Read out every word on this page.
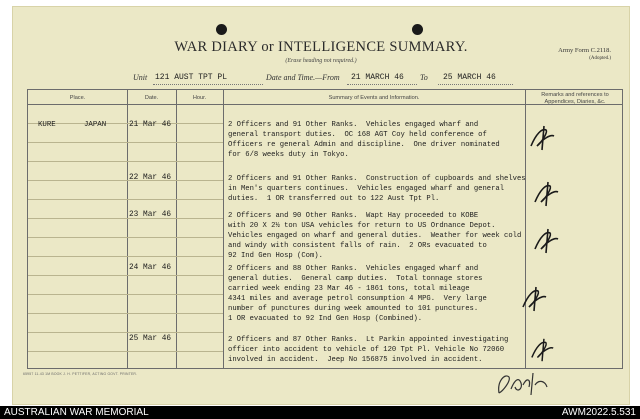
WAR DIARY or INTELLIGENCE SUMMARY.
(Erase heading not required.)
Army Form C.2118.
(Adopted.)
Unit 121 AUST TPT PL	Date and Time.—From 21 MARCH 46 To 25 MARCH 46
Place.	Date.	Hour.	Summary of Events and Information.	Remarks and references to Appendices, Diaries, &c.
KURE	JAPAN	21 Mar 46	2 Officers and 91 Other Ranks.  Vehicles engaged wharf and
general transport duties.  OC 168 AGT Coy held conference of
Officers re general Admin and discipline.  One driver nominated
for 6/8 weeks duty in Tokyo.
22 Mar 46	2 Officers and 91 Other Ranks.  Construction of cupboards and shelves
in Men's quarters continues.  Vehicles engaged wharf and general
duties.  1 OR transferred out to 122 Aust Tpt Pl.
23 Mar 46	2 Officers and 90 Other Ranks.  Wapt Hay proceeded to KOBE
with 20 X 2½ ton USA vehicles for return to US Ordnance Depot.
Vehicles engaged on wharf and general duties.  Weather for week cold
and windy with consistent falls of rain.  2 ORs evacuated to
92 Ind Gen Hosp (Com).
24 Mar 46	2 Officers and 88 Other Ranks.  Vehicles engaged wharf and
general duties.  General camp duties.  Total tonnage stores
carried week ending 23 Mar 46 - 1861 tons, total mileage
4341 miles and average petrol consumption 4 MPG.  Very large
number of punctures during week amounted to 101 punctures.
1 OR evacuated to 92 Ind Gen Hosp (Combined).
25 Mar 46	2 Officers and 87 Other Ranks.  Lt Parkin appointed investigating
officer into accident to vehicle of 120 Tpt Pl. Vehicle No 72060
involved in accident.  Jeep No 156875 involved in accident.
65957 11-43 1M BOOK J. H. PETTIFER, ACTING GOVT. PRINTER.
AUSTRALIAN WAR MEMORIAL	AWM2022.5.531
